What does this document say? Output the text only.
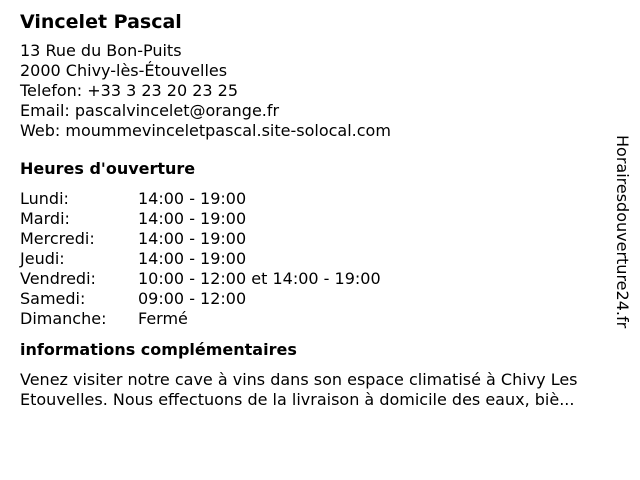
Vincelet Pascal
13 Rue du Bon-Puits
2000 Chivy-lès-Étouvelles
Telefon: +33 3 23 20 23 25
Email: pascalvincelet@orange.fr
Web: moummevinceletpascal.site-solocal.com
Heures d'ouverture
Lundi:	14:00 - 19:00
Mardi:	14:00 - 19:00
Mercredi:	14:00 - 19:00
Jeudi:	14:00 - 19:00
Vendredi:	10:00 - 12:00 et 14:00 - 19:00
Samedi:	09:00 - 12:00
Dimanche:	Fermé
informations complémentaires
Venez visiter notre cave à vins dans son espace climatisé à Chivy Les
Etouvelles. Nous effectuons de la livraison à domicile des eaux, biè...
Horairesdouverture24.fr
